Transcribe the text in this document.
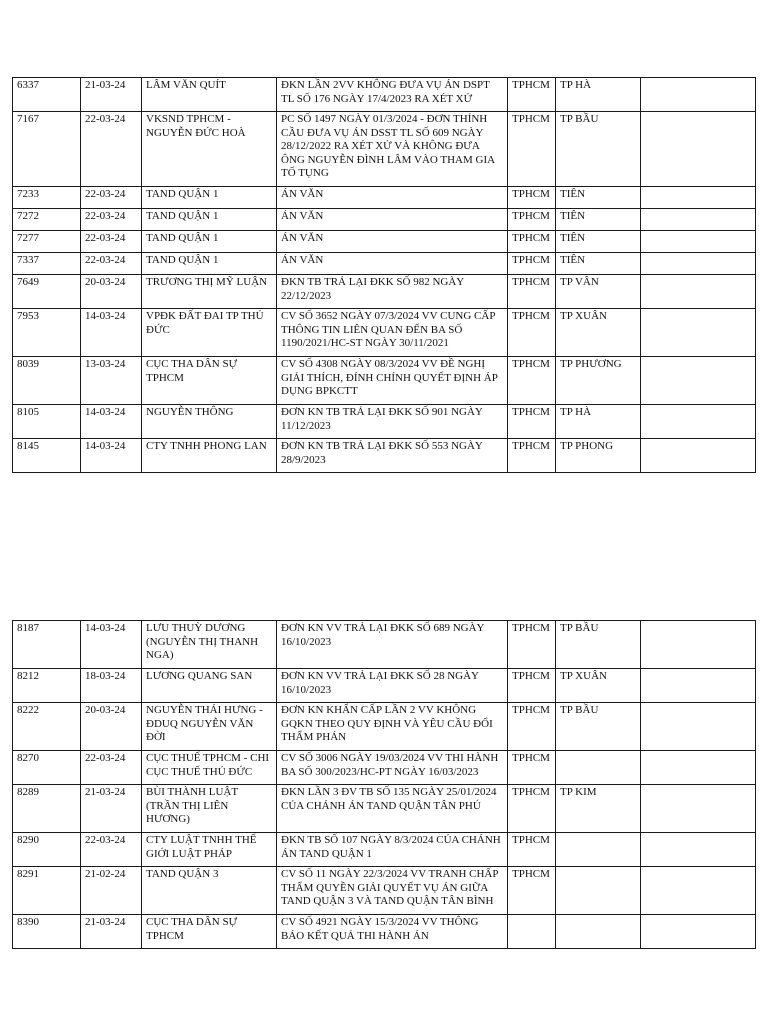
6337	21-03-24	LÂM VĂN QUÍT	ĐKN LẦN 2VV KHÔNG ĐƯA VỤ ÁN DSPT TL SỐ 176 NGÀY 17/4/2023 RA XÉT XỬ	TPHCM	TP HÀ	
7167	22-03-24	VKSND TPHCM - NGUYỄN ĐỨC HOÀ	PC SỐ 1497 NGÀY 01/3/2024 - ĐƠN THỈNH CẦU ĐƯA VỤ ÁN DSST TL SỐ 609 NGÀY 28/12/2022 RA XÉT XỬ VÀ KHÔNG ĐƯA ÔNG NGUYỄN ĐÌNH LÂM VÀO THAM GIA TỐ TỤNG	TPHCM	TP BẦU	
7233	22-03-24	TAND QUẬN 1	ÁN VĂN	TPHCM	TIÊN	
7272	22-03-24	TAND QUẬN 1	ÁN VĂN	TPHCM	TIÊN	
7277	22-03-24	TAND QUẬN 1	ÁN VĂN	TPHCM	TIÊN	
7337	22-03-24	TAND QUẬN 1	ÁN VĂN	TPHCM	TIÊN	
7649	20-03-24	TRƯƠNG THỊ MỸ LUẬN	ĐKN TB TRẢ LẠI ĐKK SỐ 982 NGÀY 22/12/2023	TPHCM	TP VÂN	
7953	14-03-24	VPĐK ĐẤT ĐAI TP THỦ ĐỨC	CV SỐ 3652 NGÀY 07/3/2024 VV CUNG CẤP THÔNG TIN LIÊN QUAN ĐẾN BA SỐ 1190/2021/HC-ST NGÀY 30/11/2021	TPHCM	TP XUÂN	
8039	13-03-24	CỤC THA DÂN SỰ TPHCM	CV SỐ 4308 NGÀY 08/3/2024 VV ĐỀ NGHỊ GIẢI THÍCH, ĐÍNH CHÍNH QUYẾT ĐỊNH ÁP DỤNG BPKCTT	TPHCM	TP PHƯƠNG	
8105	14-03-24	NGUYỄN THÔNG	ĐƠN KN TB TRẢ LẠI ĐKK SỐ 901 NGÀY 11/12/2023	TPHCM	TP HÀ	
8145	14-03-24	CTY TNHH PHONG LAN	ĐƠN KN TB TRẢ LẠI ĐKK SỐ 553 NGÀY 28/9/2023	TPHCM	TP PHONG	
8187	14-03-24	LƯU THUỲ DƯƠNG (NGUYỄN THỊ THANH NGA)	ĐƠN KN VV TRẢ LẠI ĐKK SỐ 689 NGÀY 16/10/2023	TPHCM	TP BẦU	
8212	18-03-24	LƯƠNG QUANG SAN	ĐƠN KN VV TRẢ LẠI ĐKK SỐ 28 NGÀY 16/10/2023	TPHCM	TP XUÂN	
8222	20-03-24	NGUYỄN THÁI HƯNG - ĐDUQ NGUYỄN VĂN ĐỜI	ĐƠN KN KHẨN CẤP LẦN 2 VV KHÔNG GQKN THEO QUY ĐỊNH VÀ YÊU CẦU ĐỔI THẨM PHÁN	TPHCM	TP BẦU	
8270	22-03-24	CỤC THUẾ TPHCM - CHI CỤC THUẾ THỦ ĐỨC	CV SỐ 3006 NGÀY 19/03/2024 VV THI HÀNH BA SỐ 300/2023/HC-PT NGÀY 16/03/2023	TPHCM		
8289	21-03-24	BÙI THÀNH LUẬT (TRẦN THỊ LIÊN HƯƠNG)	ĐKN LẦN 3 ĐV TB SỐ 135 NGÀY 25/01/2024 CỦA CHÁNH ÁN TAND QUẬN TÂN PHÚ	TPHCM	TP KIM	
8290	22-03-24	CTY LUẬT TNHH THẾ GIỚI LUẬT PHÁP	ĐKN TB SỐ 107 NGÀY 8/3/2024 CỦA CHÁNH ÁN TAND QUẬN 1	TPHCM		
8291	21-02-24	TAND QUẬN 3	CV SỐ 11 NGÀY 22/3/2024 VV TRANH CHẤP THẨM QUYỀN GIẢI QUYẾT VỤ ÁN GIỮA TAND QUẬN 3 VÀ TAND QUẬN TÂN BÌNH	TPHCM		
8390	21-03-24	CỤC THA DÂN SỰ TPHCM	CV SỐ 4921 NGÀY 15/3/2024 VV THÔNG BÁO KẾT QUẢ THI HÀNH ÁN			
